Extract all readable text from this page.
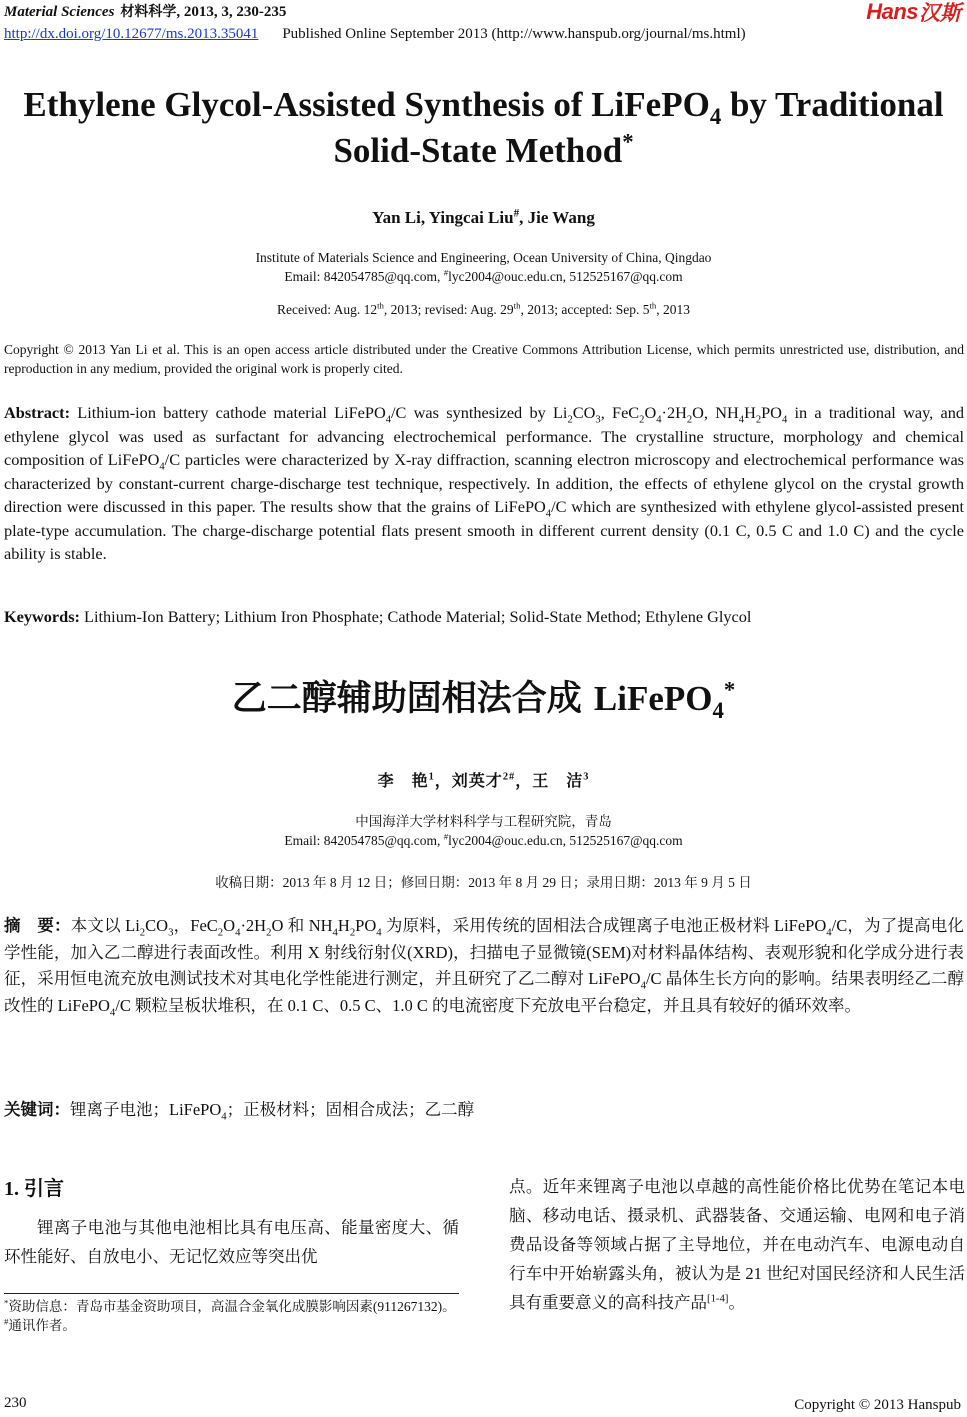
Material Sciences 材料科学, 2013, 3, 230-235
http://dx.doi.org/10.12677/ms.2013.35041 Published Online September 2013 (http://www.hanspub.org/journal/ms.html)
Hans 汉斯
Ethylene Glycol-Assisted Synthesis of LiFePO$_4$ by Traditional
Solid-State Method*
Yan Li, Yingcai Liu#, Jie Wang
Institute of Materials Science and Engineering, Ocean University of China, Qingdao
Email: 842054785@qq.com, #lyc2004@ouc.edu.cn, 512525167@qq.com
Received: Aug. 12th, 2013; revised: Aug. 29th, 2013; accepted: Sep. 5th, 2013
Copyright © 2013 Yan Li et al. This is an open access article distributed under the Creative Commons Attribution License, which permits unrestricted use, distribution, and reproduction in any medium, provided the original work is properly cited.
Abstract: Lithium-ion battery cathode material LiFePO$_4$/C was synthesized by $Li_2CO_3$, $FeC_2O_4\cdot 2H_2O$, $NH_4H_2PO_4$ in a traditional way, and ethylene glycol was used as surfactant for advancing electrochemical performance. The crystalline structure, morphology and chemical composition of LiFePO$_4$/C particles were characterized by X-ray diffraction, scanning electron microscopy and electrochemical performance was characterized by constant-current charge-discharge test technique, respectively. In addition, the effects of ethylene glycol on the crystal growth direction were discussed in this paper. The results show that the grains of LiFePO$_4$/C which are synthesized with ethylene glycol-assisted present plate-type accumulation. The charge-discharge potential flats present smooth in different current density (0.1 C, 0.5 C and 1.0 C) and the cycle ability is stable.
Keywords: Lithium-Ion Battery; Lithium Iron Phosphate; Cathode Material; Solid-State Method; Ethylene Glycol
乙二醇辅助固相法合成 LiFePO$_4$*
李　艳$^1$，刘英才$^{2\#}$，王　洁$^3$
中国海洋大学材料科学与工程研究院，青岛
Email: 842054785@qq.com, #lyc2004@ouc.edu.cn, 512525167@qq.com
收稿日期：2013 年 8 月 12 日；修回日期：2013 年 8 月 29 日；录用日期：2013 年 9 月 5 日
摘　要：本文以 $Li_2CO_3$，$FeC_2O_4\cdot 2H_2O$ 和 $NH_4H_2PO_4$ 为原料，采用传统的固相法合成锂离子电池正极材料 LiFePO$_4$/C，为了提高电化学性能，加入乙二醇进行表面改性。利用 X 射线衍射仪(XRD)，扫描电子显微镜(SEM)对材料晶体结构、表观形貌和化学成分进行表征，采用恒电流充放电测试技术对其电化学性能进行测定，并且研究了乙二醇对 LiFePO$_4$/C 晶体生长方向的影响。结果表明经乙二醇改性的 LiFePO$_4$/C 颗粒呈板状堆积，在 0.1 C、0.5 C、1.0 C 的电流密度下充放电平台稳定，并且具有较好的循环效率。
关键词：锂离子电池；LiFePO$_4$；正极材料；固相合成法；乙二醇
1. 引言

锂离子电池与其他电池相比具有电压高、能量密度大、循环性能好、自放电小、无记忆效应等突出优

*资助信息：青岛市基金资助项目，高温合金氧化成膜影响因素(911267132)。
#通讯作者。

点。近年来锂离子电池以卓越的高性能价格比优势在笔记本电脑、移动电话、摄录机、武器装备、交通运输、电网和电子消费品设备等领域占据了主导地位，并在电动汽车、电源电动自行车中开始崭露头角，被认为是 21 世纪对国民经济和人民生活具有重要意义的高科技产品[1-4]。

230	Copyright © 2013 Hanspub
